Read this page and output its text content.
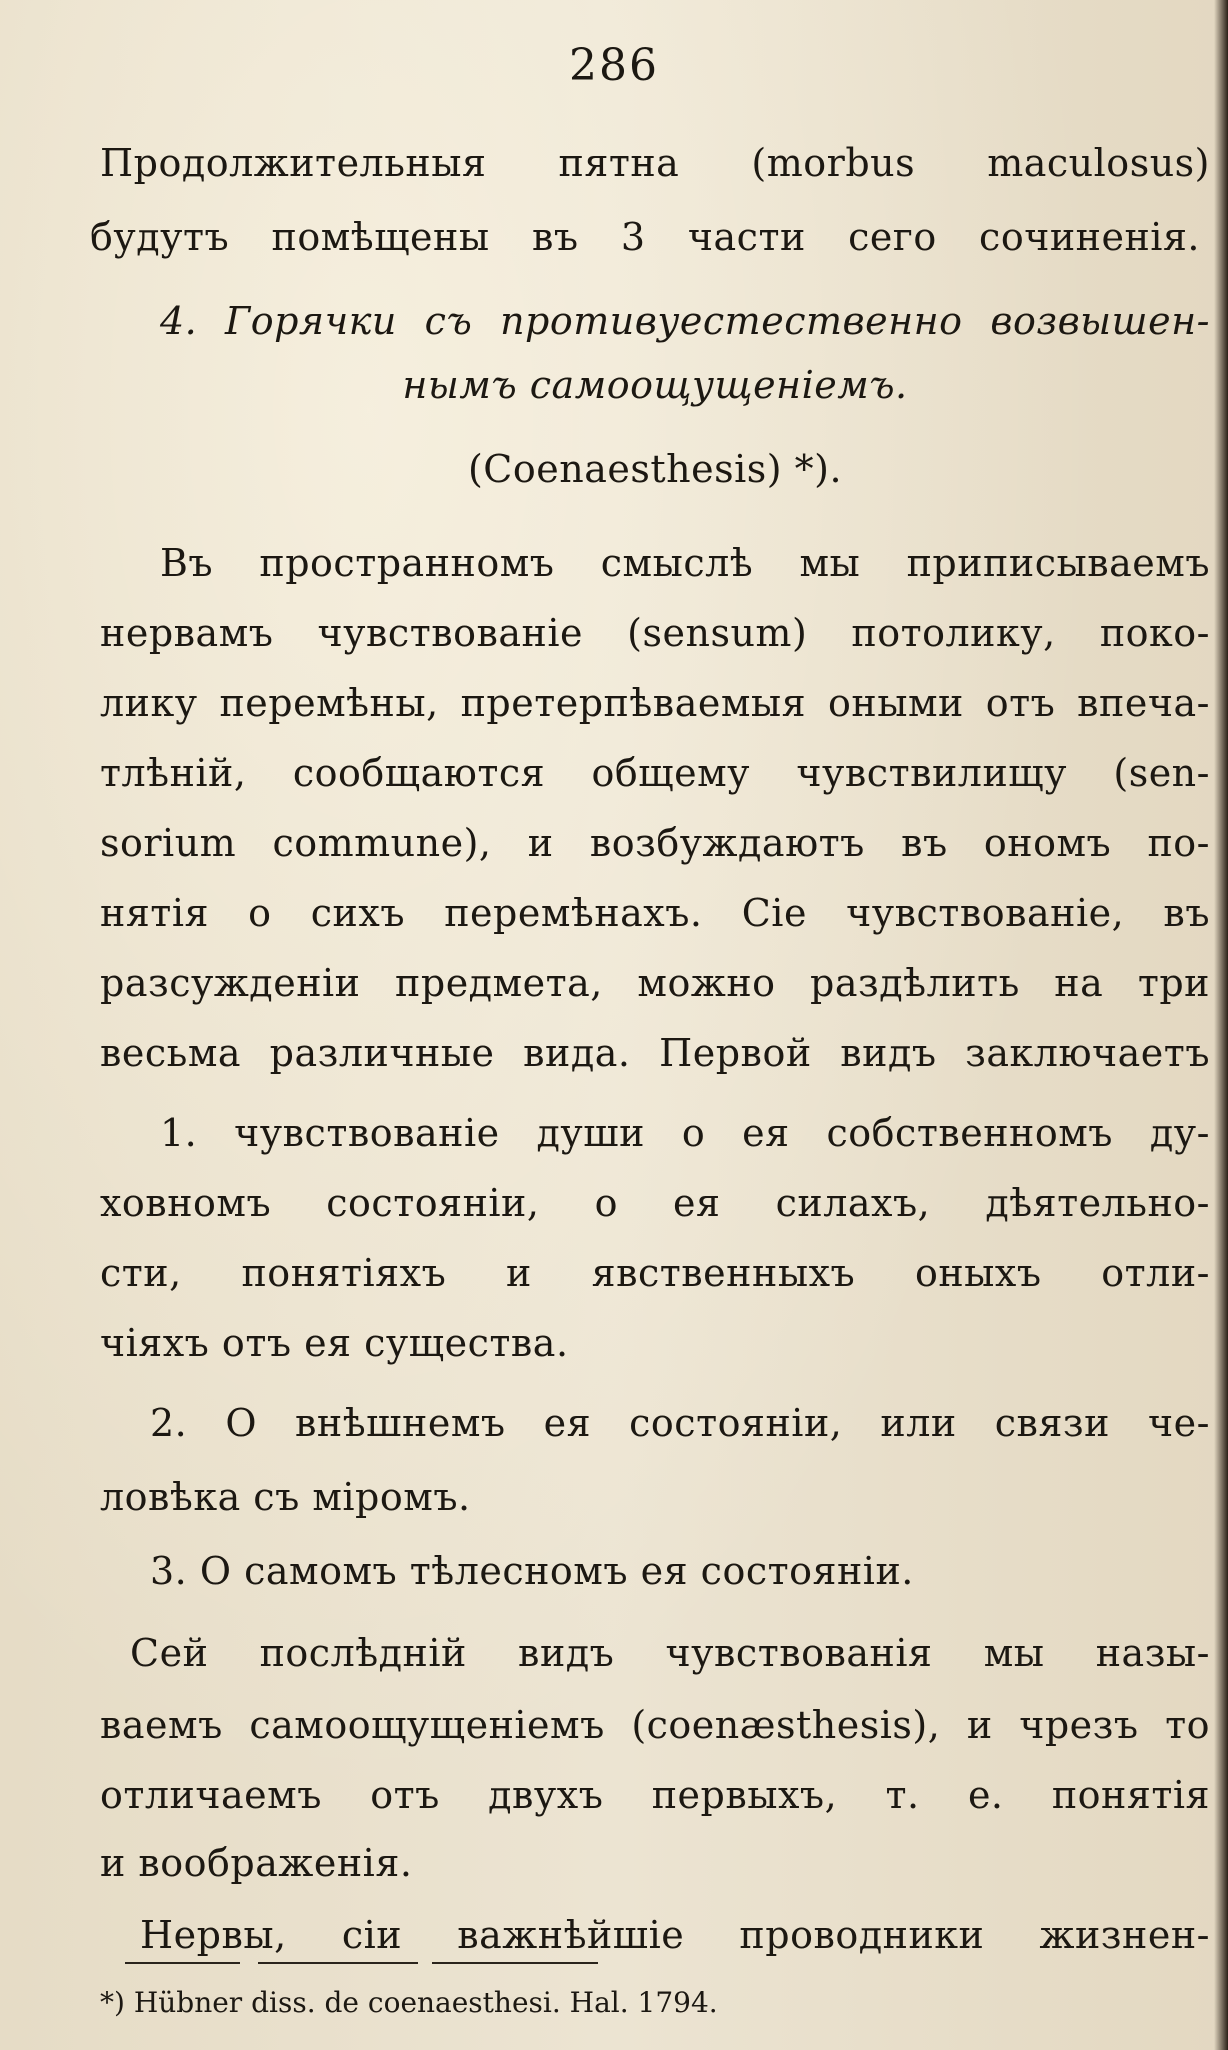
286
Продолжительныя пятна (morbus maculosus)
будутъ помѣщены въ 3 части сего сочиненія.
4. Горячки съ противуестественно возвышен-
нымъ самоощущеніемъ.
(Coenaesthesis) *).
Въ пространномъ смыслѣ мы приписываемъ
нервамъ чувствованіе (sensum) потолику, поко-
лику перемѣны, претерпѣваемыя оными отъ впеча-
тлѣній, сообщаются общему чувствилищу (sen-
sorium commune), и возбуждаютъ въ ономъ по-
нятія о сихъ перемѣнахъ. Сіе чувствованіе, въ
разсужденіи предмета, можно раздѣлить на три
весьма различные вида. Первой видъ заключаетъ
1. чувствованіе души о ея собственномъ ду-
ховномъ состояніи, о ея силахъ, дѣятельно-
сти, понятіяхъ и явственныхъ оныхъ отли-
чіяхъ отъ ея существа.
2. О внѣшнемъ ея состояніи, или связи че-
ловѣка съ міромъ.
3. О самомъ тѣлесномъ ея состояніи.
Сей послѣдній видъ чувствованія мы назы-
ваемъ самоощущеніемъ (coenæsthesis), и чрезъ то
отличаемъ отъ двухъ первыхъ, т. е. понятія
и воображенія.
Нервы, сіи важнѣйшіе проводники жизнен-
*) Hübner diss. de coenaesthesi. Hal. 1794.
